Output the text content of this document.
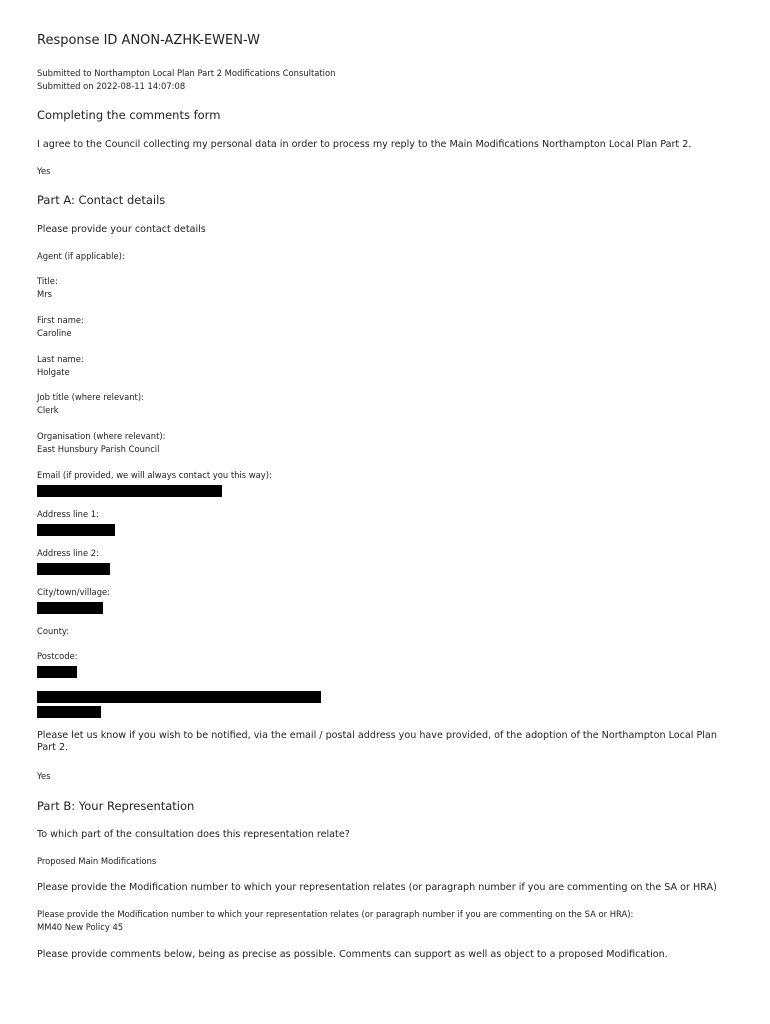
Response ID ANON-AZHK-EWEN-W
Submitted to Northampton Local Plan Part 2 Modifications Consultation
Submitted on 2022-08-11 14:07:08
Completing the comments form
I agree to the Council collecting my personal data in order to process my reply to the Main Modifications Northampton Local Plan Part 2.
Yes
Part A: Contact details
Please provide your contact details
Agent (if applicable):
Title:
Mrs
First name:
Caroline
Last name:
Holgate
Job title (where relevant):
Clerk
Organisation (where relevant):
East Hunsbury Parish Council
Email (if provided, we will always contact you this way):
Address line 1:
Address line 2:
City/town/village:
County:
Postcode:
Please let us know if you wish to be notified, via the email / postal address you have provided, of the adoption of the Northampton Local Plan Part 2.
Yes
Part B: Your Representation
To which part of the consultation does this representation relate?
Proposed Main Modifications
Please provide the Modification number to which your representation relates (or paragraph number if you are commenting on the SA or HRA)
Please provide the Modification number to which your representation relates (or paragraph number if you are commenting on the SA or HRA):
MM40 New Policy 45
Please provide comments below, being as precise as possible. Comments can support as well as object to a proposed Modification.
